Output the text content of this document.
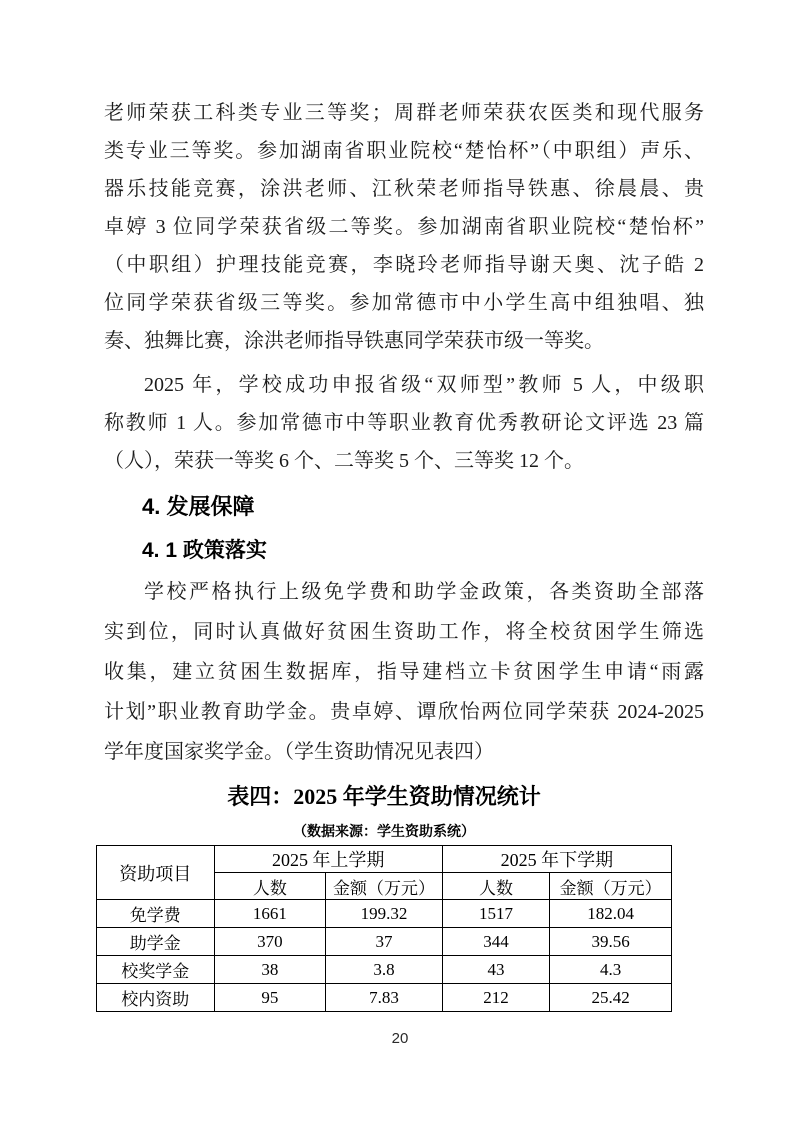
老师荣获工科类专业三等奖；周群老师荣获农医类和现代服务
类专业三等奖。参加湖南省职业院校“楚怡杯”（中职组）声乐、
器乐技能竞赛，涂洪老师、江秋荣老师指导铁惠、徐晨晨、贵
卓婷 3 位同学荣获省级二等奖。参加湖南省职业院校“楚怡杯”
（中职组）护理技能竞赛，李晓玲老师指导谢天奥、沈子皓 2
位同学荣获省级三等奖。参加常德市中小学生高中组独唱、独
奏、独舞比赛，涂洪老师指导铁惠同学荣获市级一等奖。
2025 年，学校成功申报省级“双师型”教师 5 人，中级职
称教师 1 人。参加常德市中等职业教育优秀教研论文评选 23 篇
（人），荣获一等奖 6 个、二等奖 5 个、三等奖 12 个。
4. 发展保障
4. 1 政策落实
学校严格执行上级免学费和助学金政策，各类资助全部落
实到位，同时认真做好贫困生资助工作，将全校贫困学生筛选
收集，建立贫困生数据库，指导建档立卡贫困学生申请“雨露
计划”职业教育助学金。贵卓婷、谭欣怡两位同学荣获 2024-2025
学年度国家奖学金。（学生资助情况见表四）
表四：2025 年学生资助情况统计
（数据来源：学生资助系统）
资助项目	2025 年上学期		2025 年下学期	
	人数	金额（万元）	人数	金额（万元）
免学费	1661	199.32	1517	182.04
助学金	370	37	344	39.56
校奖学金	38	3.8	43	4.3
校内资助	95	7.83	212	25.42
20
